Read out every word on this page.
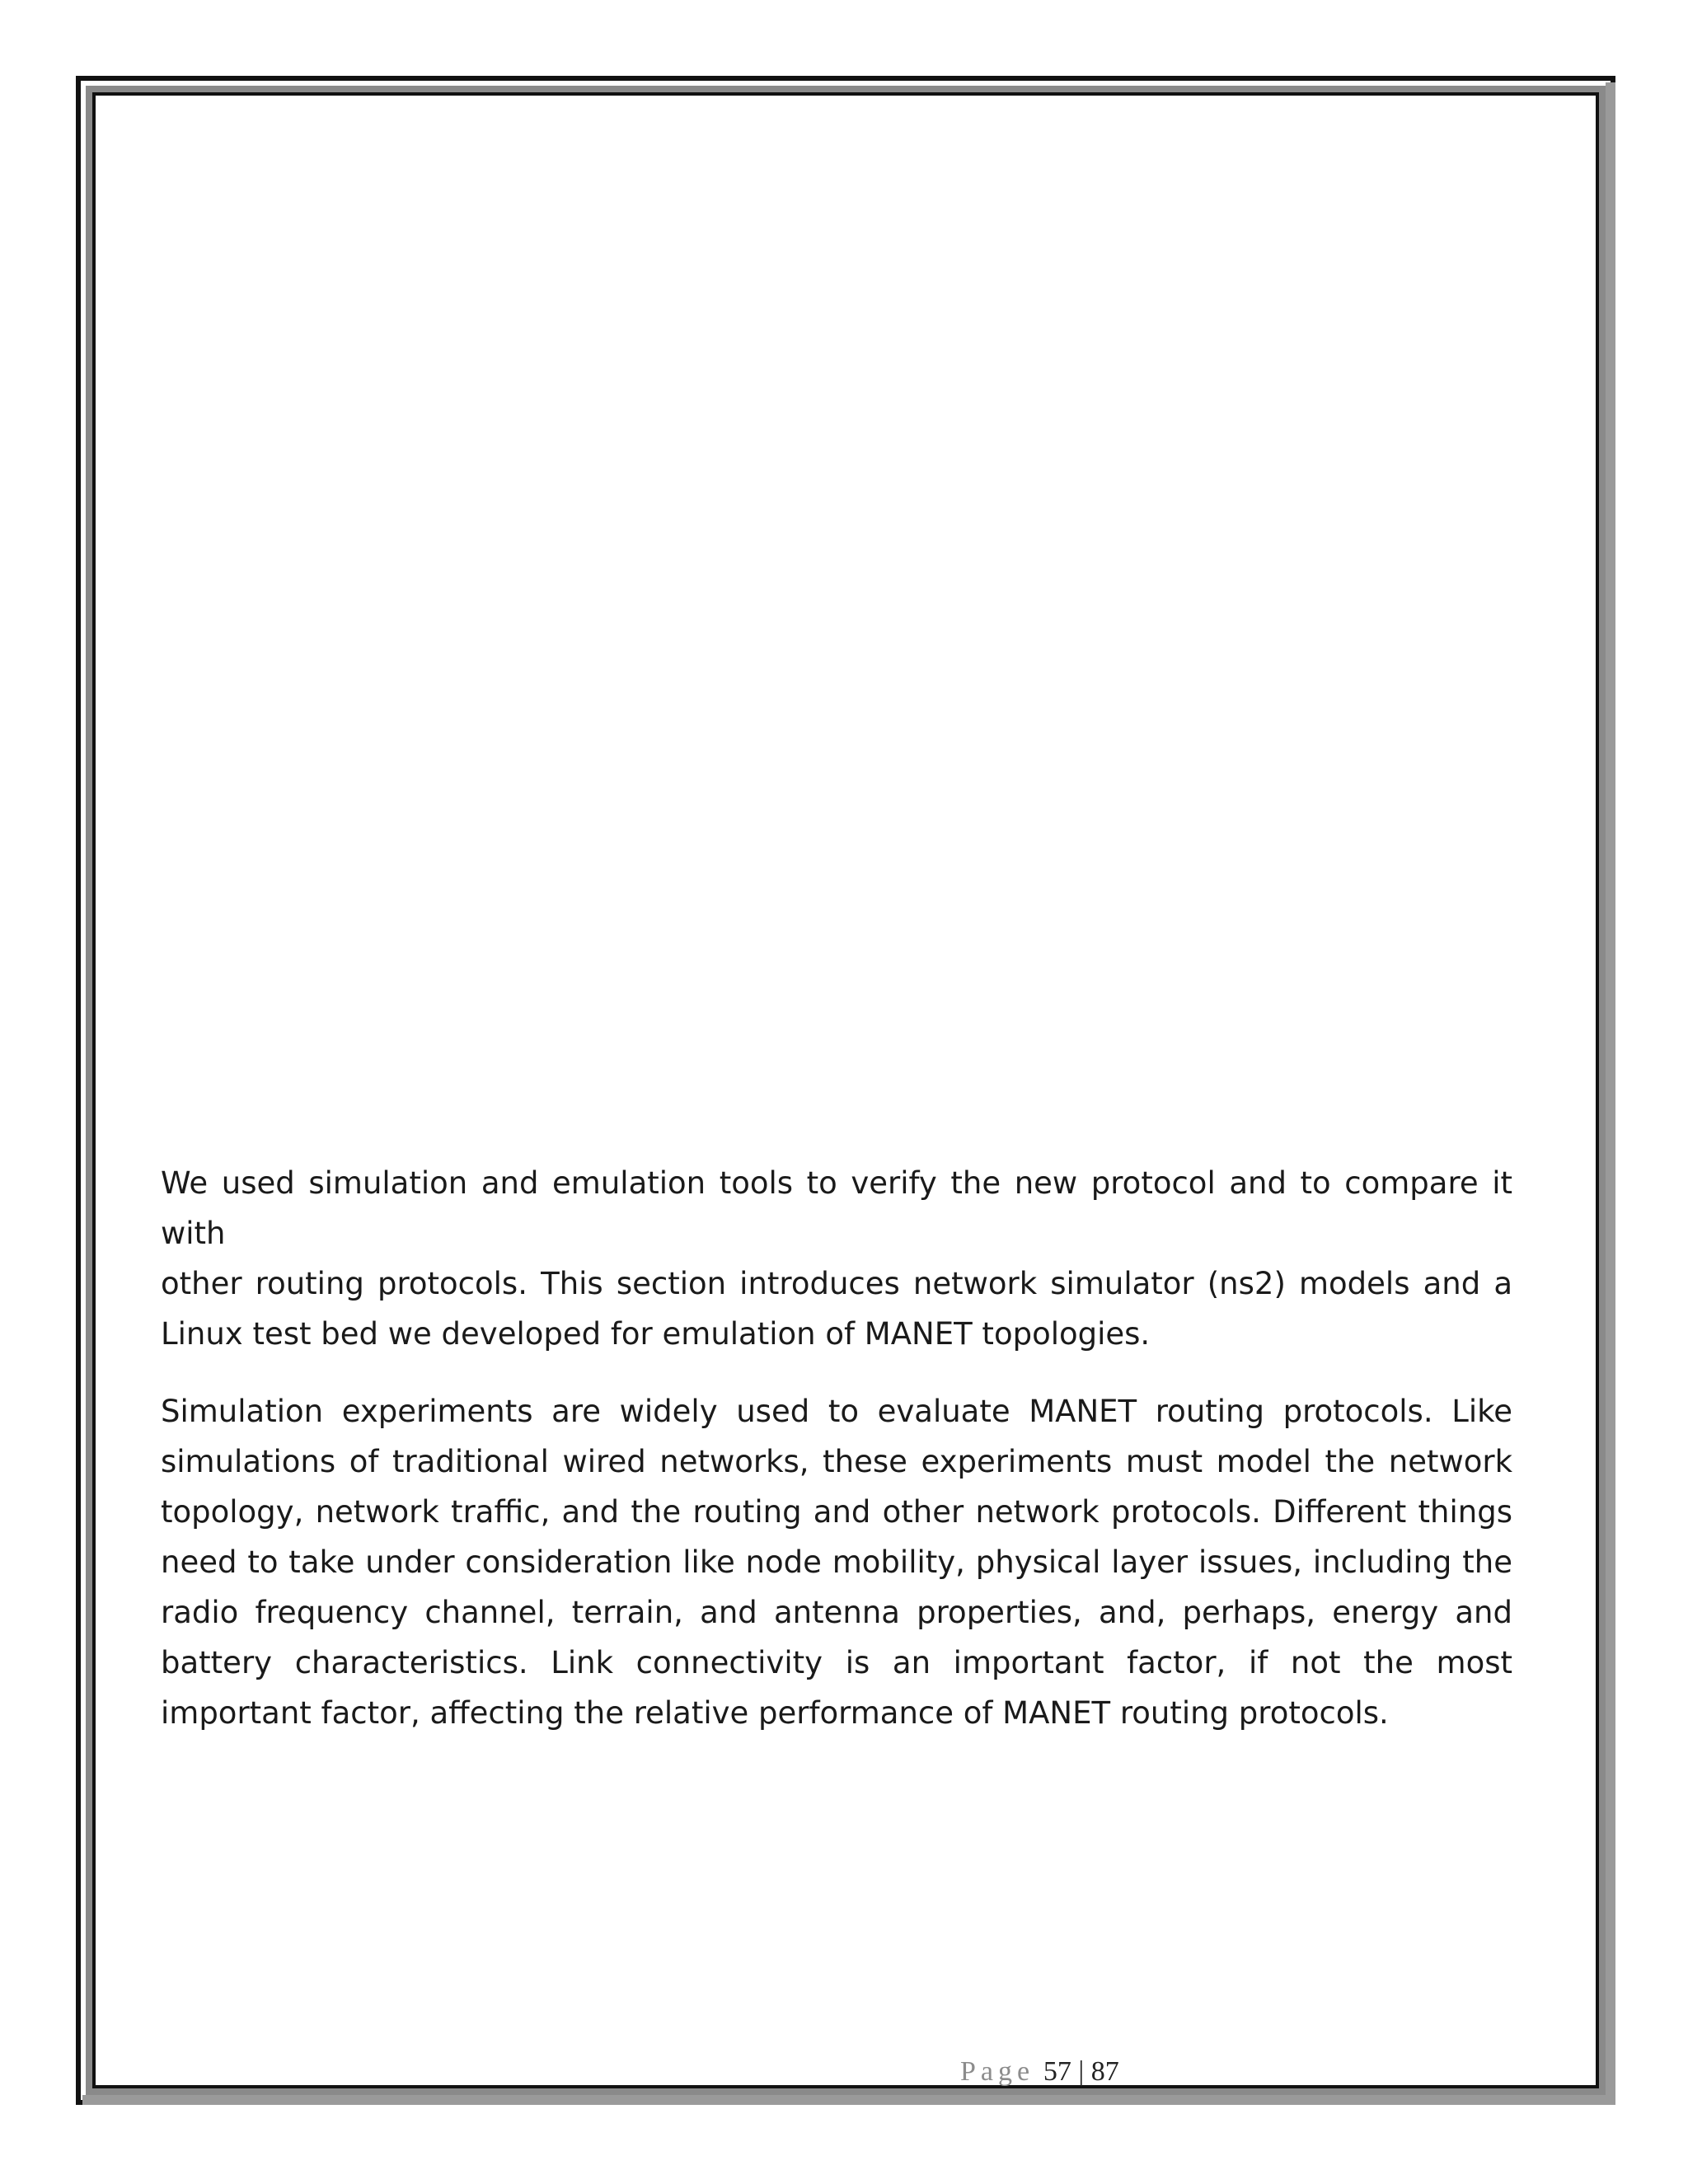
We used simulation and emulation tools to verify the new protocol and to compare it
with
other routing protocols. This section introduces network simulator (ns2) models and a
Linux test bed we developed for emulation of MANET topologies.

Simulation experiments are widely used to evaluate MANET routing protocols. Like simulations of traditional wired networks, these experiments must model the network topology, network traffic, and the routing and other network protocols. Different things need to take under consideration like node mobility, physical layer issues, including the radio frequency channel, terrain, and antenna properties, and, perhaps, energy and battery characteristics. Link connectivity is an important factor, if not the most important factor, affecting the relative performance of MANET routing protocols.

Page 57 | 87
